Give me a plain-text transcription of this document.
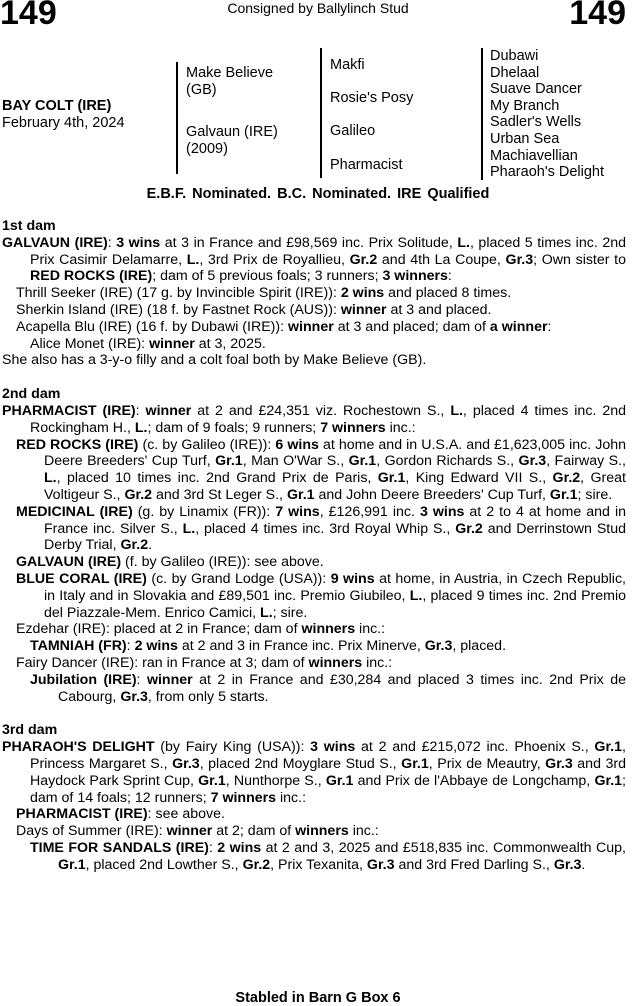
149	149
Consigned by Ballylinch Stud
BAY COLT (IRE)
February 4th, 2024
Make Believe
(GB)
Galvaun (IRE)
(2009)
Makfi
Rosie's Posy
Galileo
Pharmacist
Dubawi
Dhelaal
Suave Dancer
My Branch
Sadler's Wells
Urban Sea
Machiavellian
Pharaoh's Delight
E.B.F. Nominated. B.C. Nominated. IRE Qualified
1st dam

GALVAUN (IRE): 3 wins at 3 in France and £98,569 inc. Prix Solitude, L., placed 5 times inc. 2nd Prix Casimir Delamarre, L., 3rd Prix de Royallieu, Gr.2 and 4th La Coupe, Gr.3; Own sister to RED ROCKS (IRE); dam of 5 previous foals; 3 runners; 3 winners:

Thrill Seeker (IRE) (17 g. by Invincible Spirit (IRE)): 2 wins and placed 8 times.

Sherkin Island (IRE) (18 f. by Fastnet Rock (AUS)): winner at 3 and placed.

Acapella Blu (IRE) (16 f. by Dubawi (IRE)): winner at 3 and placed; dam of a winner:

Alice Monet (IRE): winner at 3, 2025.

She also has a 3-y-o filly and a colt foal both by Make Believe (GB).

2nd dam

PHARMACIST (IRE): winner at 2 and £24,351 viz. Rochestown S., L., placed 4 times inc. 2nd Rockingham H., L.; dam of 9 foals; 9 runners; 7 winners inc.:

RED ROCKS (IRE) (c. by Galileo (IRE)): 6 wins at home and in U.S.A. and £1,623,005 inc. John Deere Breeders' Cup Turf, Gr.1, Man O'War S., Gr.1, Gordon Richards S., Gr.3, Fairway S., L., placed 10 times inc. 2nd Grand Prix de Paris, Gr.1, King Edward VII S., Gr.2, Great Voltigeur S., Gr.2 and 3rd St Leger S., Gr.1 and John Deere Breeders' Cup Turf, Gr.1; sire.

MEDICINAL (IRE) (g. by Linamix (FR)): 7 wins, £126,991 inc. 3 wins at 2 to 4 at home and in France inc. Silver S., L., placed 4 times inc. 3rd Royal Whip S., Gr.2 and Derrinstown Stud Derby Trial, Gr.2.

GALVAUN (IRE) (f. by Galileo (IRE)): see above.

BLUE CORAL (IRE) (c. by Grand Lodge (USA)): 9 wins at home, in Austria, in Czech Republic, in Italy and in Slovakia and £89,501 inc. Premio Giubileo, L., placed 9 times inc. 2nd Premio del Piazzale-Mem. Enrico Camici, L.; sire.

Ezdehar (IRE): placed at 2 in France; dam of winners inc.:

TAMNIAH (FR): 2 wins at 2 and 3 in France inc. Prix Minerve, Gr.3, placed.

Fairy Dancer (IRE): ran in France at 3; dam of winners inc.:

Jubilation (IRE): winner at 2 in France and £30,284 and placed 3 times inc. 2nd Prix de Cabourg, Gr.3, from only 5 starts.

3rd dam

PHARAOH'S DELIGHT (by Fairy King (USA)): 3 wins at 2 and £215,072 inc. Phoenix S., Gr.1, Princess Margaret S., Gr.3, placed 2nd Moyglare Stud S., Gr.1, Prix de Meautry, Gr.3 and 3rd Haydock Park Sprint Cup, Gr.1, Nunthorpe S., Gr.1 and Prix de l'Abbaye de Longchamp, Gr.1; dam of 14 foals; 12 runners; 7 winners inc.:

PHARMACIST (IRE): see above.

Days of Summer (IRE): winner at 2; dam of winners inc.:

TIME FOR SANDALS (IRE): 2 wins at 2 and 3, 2025 and £518,835 inc. Commonwealth Cup, Gr.1, placed 2nd Lowther S., Gr.2, Prix Texanita, Gr.3 and 3rd Fred Darling S., Gr.3.

Stabled in Barn G Box 6
